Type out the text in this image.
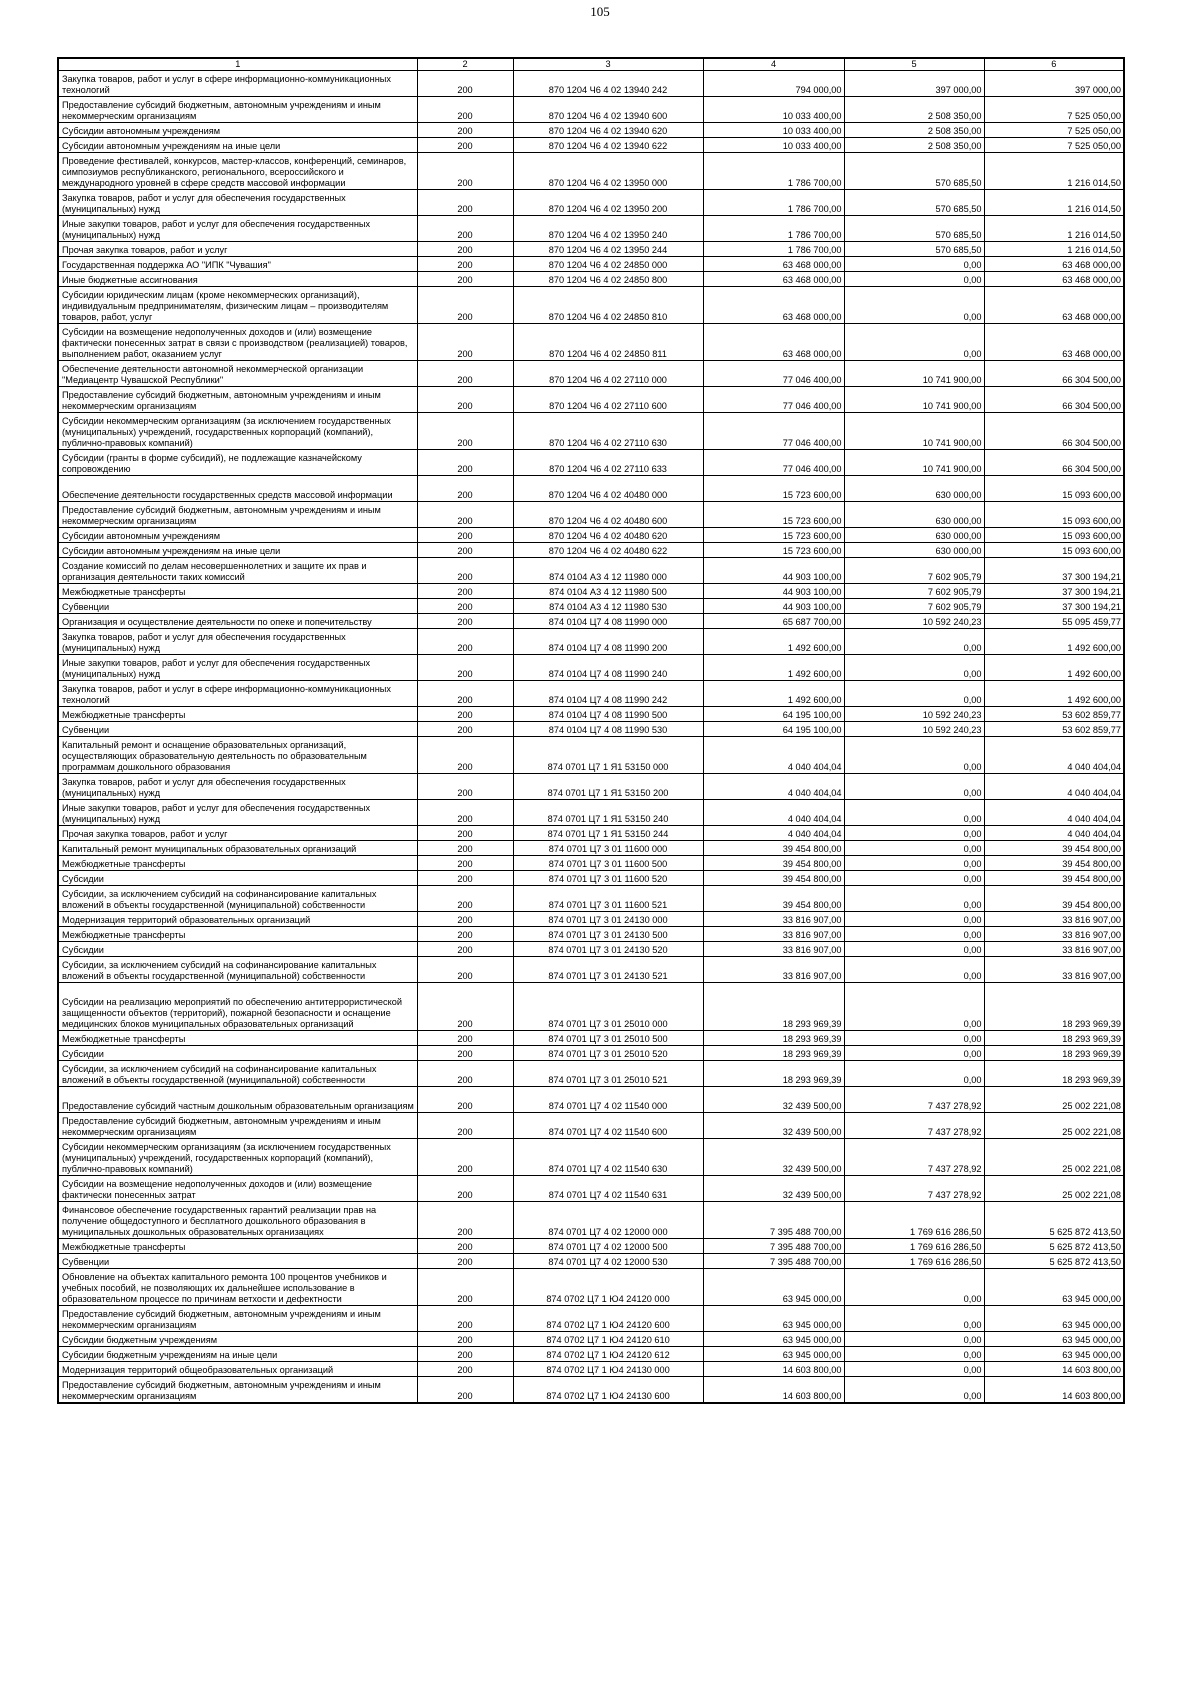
105
1	2	3	4	5	6
Закупка товаров, работ и услуг в сфере информационно-коммуникационных технологий	200	870 1204 Ч6 4 02 13940 242	794 000,00	397 000,00	397 000,00
Предоставление субсидий бюджетным, автономным учреждениям и иным некоммерческим организациям	200	870 1204 Ч6 4 02 13940 600	10 033 400,00	2 508 350,00	7 525 050,00
Субсидии автономным учреждениям	200	870 1204 Ч6 4 02 13940 620	10 033 400,00	2 508 350,00	7 525 050,00
Субсидии автономным учреждениям на иные цели	200	870 1204 Ч6 4 02 13940 622	10 033 400,00	2 508 350,00	7 525 050,00
Проведение фестивалей, конкурсов, мастер-классов, конференций, семинаров, симпозиумов республиканского, регионального, всероссийского и международного уровней в сфере средств массовой информации	200	870 1204 Ч6 4 02 13950 000	1 786 700,00	570 685,50	1 216 014,50
Закупка товаров, работ и услуг для обеспечения государственных (муниципальных) нужд	200	870 1204 Ч6 4 02 13950 200	1 786 700,00	570 685,50	1 216 014,50
Иные закупки товаров, работ и услуг для обеспечения государственных (муниципальных) нужд	200	870 1204 Ч6 4 02 13950 240	1 786 700,00	570 685,50	1 216 014,50
Прочая закупка товаров, работ и услуг	200	870 1204 Ч6 4 02 13950 244	1 786 700,00	570 685,50	1 216 014,50
Государственная поддержка АО "ИПК "Чувашия"	200	870 1204 Ч6 4 02 24850 000	63 468 000,00	0,00	63 468 000,00
Иные бюджетные ассигнования	200	870 1204 Ч6 4 02 24850 800	63 468 000,00	0,00	63 468 000,00
Субсидии юридическим лицам (кроме некоммерческих организаций), индивидуальным предпринимателям, физическим лицам – производителям товаров, работ, услуг	200	870 1204 Ч6 4 02 24850 810	63 468 000,00	0,00	63 468 000,00
Субсидии на возмещение недополученных доходов и (или) возмещение фактически понесенных затрат в связи с производством (реализацией) товаров, выполнением работ, оказанием услуг	200	870 1204 Ч6 4 02 24850 811	63 468 000,00	0,00	63 468 000,00
Обеспечение деятельности автономной некоммерческой организации "Медиацентр Чувашской Республики"	200	870 1204 Ч6 4 02 27110 000	77 046 400,00	10 741 900,00	66 304 500,00
Предоставление субсидий бюджетным, автономным учреждениям и иным некоммерческим организациям	200	870 1204 Ч6 4 02 27110 600	77 046 400,00	10 741 900,00	66 304 500,00
Субсидии некоммерческим организациям (за исключением государственных (муниципальных) учреждений, государственных корпораций (компаний), публично-правовых компаний)	200	870 1204 Ч6 4 02 27110 630	77 046 400,00	10 741 900,00	66 304 500,00
Субсидии (гранты в форме субсидий), не подлежащие казначейскому сопровождению	200	870 1204 Ч6 4 02 27110 633	77 046 400,00	10 741 900,00	66 304 500,00
Обеспечение деятельности государственных средств массовой информации	200	870 1204 Ч6 4 02 40480 000	15 723 600,00	630 000,00	15 093 600,00
Предоставление субсидий бюджетным, автономным учреждениям и иным некоммерческим организациям	200	870 1204 Ч6 4 02 40480 600	15 723 600,00	630 000,00	15 093 600,00
Субсидии автономным учреждениям	200	870 1204 Ч6 4 02 40480 620	15 723 600,00	630 000,00	15 093 600,00
Субсидии автономным учреждениям на иные цели	200	870 1204 Ч6 4 02 40480 622	15 723 600,00	630 000,00	15 093 600,00
Создание комиссий по делам несовершеннолетних и защите их прав и организация деятельности таких комиссий	200	874 0104 А3 4 12 11980 000	44 903 100,00	7 602 905,79	37 300 194,21
Межбюджетные трансферты	200	874 0104 А3 4 12 11980 500	44 903 100,00	7 602 905,79	37 300 194,21
Субвенции	200	874 0104 А3 4 12 11980 530	44 903 100,00	7 602 905,79	37 300 194,21
Организация и осуществление деятельности по опеке и попечительству	200	874 0104 Ц7 4 08 11990 000	65 687 700,00	10 592 240,23	55 095 459,77
Закупка товаров, работ и услуг для обеспечения государственных (муниципальных) нужд	200	874 0104 Ц7 4 08 11990 200	1 492 600,00	0,00	1 492 600,00
Иные закупки товаров, работ и услуг для обеспечения государственных (муниципальных) нужд	200	874 0104 Ц7 4 08 11990 240	1 492 600,00	0,00	1 492 600,00
Закупка товаров, работ и услуг в сфере информационно-коммуникационных технологий	200	874 0104 Ц7 4 08 11990 242	1 492 600,00	0,00	1 492 600,00
Межбюджетные трансферты	200	874 0104 Ц7 4 08 11990 500	64 195 100,00	10 592 240,23	53 602 859,77
Субвенции	200	874 0104 Ц7 4 08 11990 530	64 195 100,00	10 592 240,23	53 602 859,77
Капитальный ремонт и оснащение образовательных организаций, осуществляющих образовательную деятельность по образовательным программам дошкольного образования	200	874 0701 Ц7 1 Я1 53150 000	4 040 404,04	0,00	4 040 404,04
Закупка товаров, работ и услуг для обеспечения государственных (муниципальных) нужд	200	874 0701 Ц7 1 Я1 53150 200	4 040 404,04	0,00	4 040 404,04
Иные закупки товаров, работ и услуг для обеспечения государственных (муниципальных) нужд	200	874 0701 Ц7 1 Я1 53150 240	4 040 404,04	0,00	4 040 404,04
Прочая закупка товаров, работ и услуг	200	874 0701 Ц7 1 Я1 53150 244	4 040 404,04	0,00	4 040 404,04
Капитальный ремонт муниципальных образовательных организаций	200	874 0701 Ц7 3 01 11600 000	39 454 800,00	0,00	39 454 800,00
Межбюджетные трансферты	200	874 0701 Ц7 3 01 11600 500	39 454 800,00	0,00	39 454 800,00
Субсидии	200	874 0701 Ц7 3 01 11600 520	39 454 800,00	0,00	39 454 800,00
Субсидии, за исключением субсидий на софинансирование капитальных вложений в объекты государственной (муниципальной) собственности	200	874 0701 Ц7 3 01 11600 521	39 454 800,00	0,00	39 454 800,00
Модернизация территорий образовательных организаций	200	874 0701 Ц7 3 01 24130 000	33 816 907,00	0,00	33 816 907,00
Межбюджетные трансферты	200	874 0701 Ц7 3 01 24130 500	33 816 907,00	0,00	33 816 907,00
Субсидии	200	874 0701 Ц7 3 01 24130 520	33 816 907,00	0,00	33 816 907,00
Субсидии, за исключением субсидий на софинансирование капитальных вложений в объекты государственной (муниципальной) собственности	200	874 0701 Ц7 3 01 24130 521	33 816 907,00	0,00	33 816 907,00
Субсидии на реализацию мероприятий по обеспечению антитеррористической защищенности объектов (территорий), пожарной безопасности и оснащение медицинских блоков муниципальных образовательных организаций	200	874 0701 Ц7 3 01 25010 000	18 293 969,39	0,00	18 293 969,39
Межбюджетные трансферты	200	874 0701 Ц7 3 01 25010 500	18 293 969,39	0,00	18 293 969,39
Субсидии	200	874 0701 Ц7 3 01 25010 520	18 293 969,39	0,00	18 293 969,39
Субсидии, за исключением субсидий на софинансирование капитальных вложений в объекты государственной (муниципальной) собственности	200	874 0701 Ц7 3 01 25010 521	18 293 969,39	0,00	18 293 969,39
Предоставление субсидий частным дошкольным образовательным организациям	200	874 0701 Ц7 4 02 11540 000	32 439 500,00	7 437 278,92	25 002 221,08
Предоставление субсидий бюджетным, автономным учреждениям и иным некоммерческим организациям	200	874 0701 Ц7 4 02 11540 600	32 439 500,00	7 437 278,92	25 002 221,08
Субсидии некоммерческим организациям (за исключением государственных (муниципальных) учреждений, государственных корпораций (компаний), публично-правовых компаний)	200	874 0701 Ц7 4 02 11540 630	32 439 500,00	7 437 278,92	25 002 221,08
Субсидии на возмещение недополученных доходов и (или) возмещение фактически понесенных затрат	200	874 0701 Ц7 4 02 11540 631	32 439 500,00	7 437 278,92	25 002 221,08
Финансовое обеспечение государственных гарантий реализации прав на получение общедоступного и бесплатного дошкольного образования в муниципальных дошкольных образовательных организациях	200	874 0701 Ц7 4 02 12000 000	7 395 488 700,00	1 769 616 286,50	5 625 872 413,50
Межбюджетные трансферты	200	874 0701 Ц7 4 02 12000 500	7 395 488 700,00	1 769 616 286,50	5 625 872 413,50
Субвенции	200	874 0701 Ц7 4 02 12000 530	7 395 488 700,00	1 769 616 286,50	5 625 872 413,50
Обновление на объектах капитального ремонта 100 процентов учебников и учебных пособий, не позволяющих их дальнейшее использование в образовательном процессе по причинам ветхости и дефектности	200	874 0702 Ц7 1 Ю4 24120 000	63 945 000,00	0,00	63 945 000,00
Предоставление субсидий бюджетным, автономным учреждениям и иным некоммерческим организациям	200	874 0702 Ц7 1 Ю4 24120 600	63 945 000,00	0,00	63 945 000,00
Субсидии бюджетным учреждениям	200	874 0702 Ц7 1 Ю4 24120 610	63 945 000,00	0,00	63 945 000,00
Субсидии бюджетным учреждениям на иные цели	200	874 0702 Ц7 1 Ю4 24120 612	63 945 000,00	0,00	63 945 000,00
Модернизация территорий общеобразовательных организаций	200	874 0702 Ц7 1 Ю4 24130 000	14 603 800,00	0,00	14 603 800,00
Предоставление субсидий бюджетным, автономным учреждениям и иным некоммерческим организациям	200	874 0702 Ц7 1 Ю4 24130 600	14 603 800,00	0,00	14 603 800,00
